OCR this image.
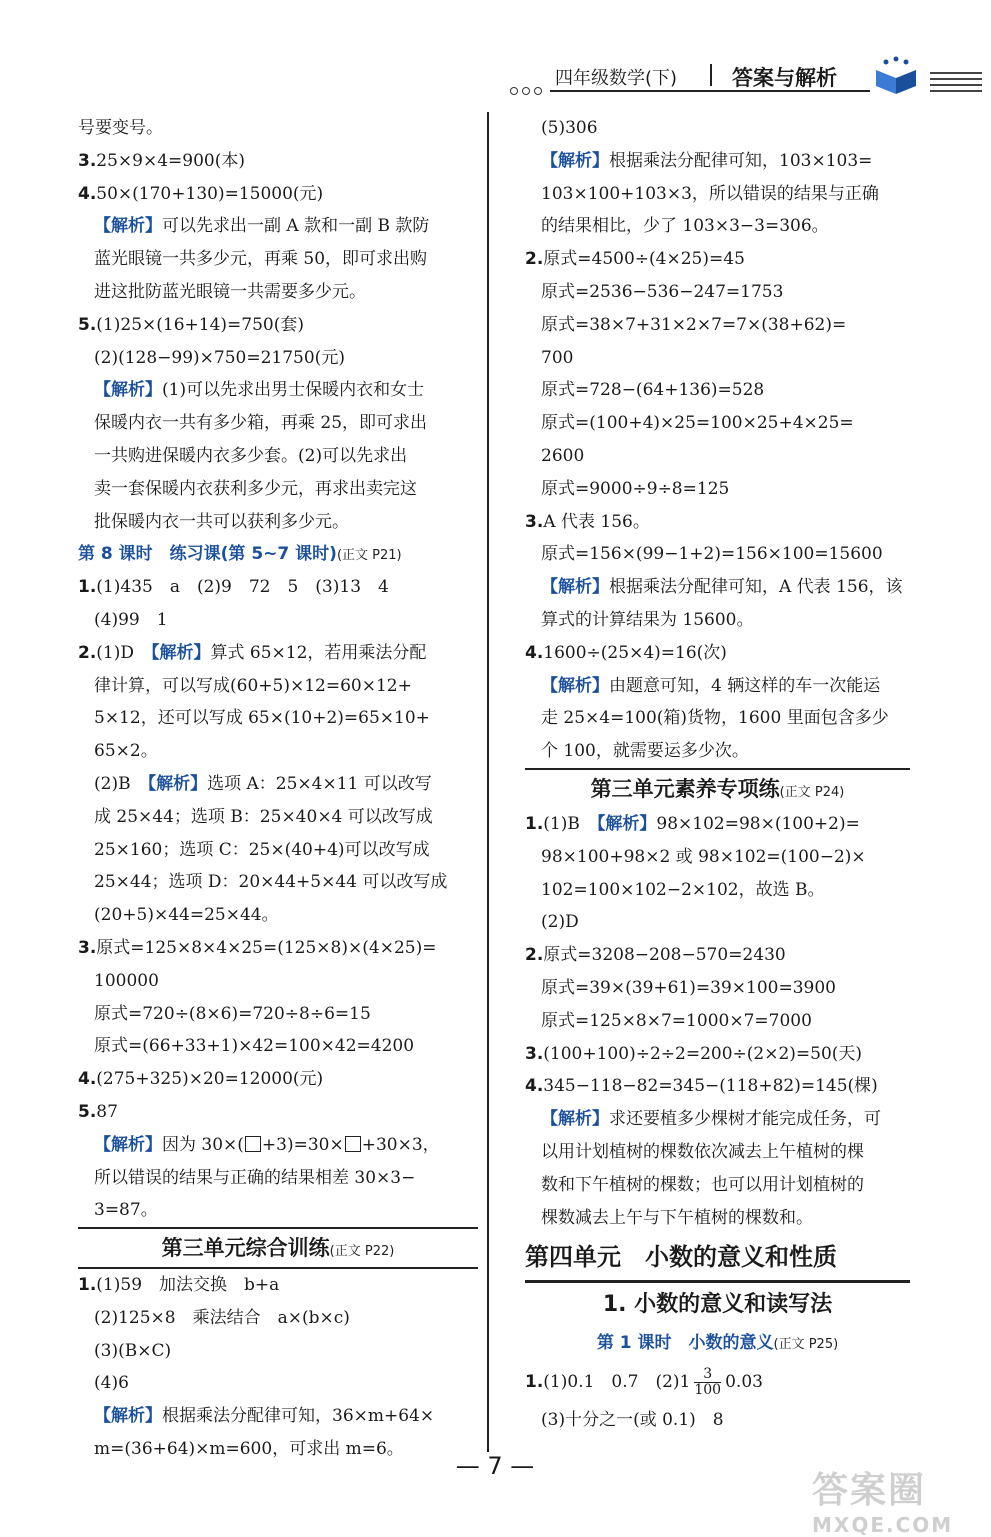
四年级数学(下)	答案与解析
号要变号。
3.25×9×4=900(本)
4.50×(170+130)=15000(元)
【解析】可以先求出一副 A 款和一副 B 款防
蓝光眼镜一共多少元，再乘 50，即可求出购
进这批防蓝光眼镜一共需要多少元。
5.(1)25×(16+14)=750(套)
(2)(128−99)×750=21750(元)
【解析】(1)可以先求出男士保暖内衣和女士
保暖内衣一共有多少箱，再乘 25，即可求出
一共购进保暖内衣多少套。(2)可以先求出
卖一套保暖内衣获利多少元，再求出卖完这
批保暖内衣一共可以获利多少元。
第 8 课时　练习课(第 5~7 课时)(正文 P21)
1.(1)435　a　(2)9　72　5　(3)13　4
(4)99　1
2.(1)D　 【解析】算式 65×12，若用乘法分配
律计算，可以写成(60+5)×12=60×12+
5×12，还可以写成 65×(10+2)=65×10+
65×2。
(2)B　 【解析】选项 A：25×4×11 可以改写
成 25×44；选项 B：25×40×4 可以改写成
25×160；选项 C：25×(40+4)可以改写成
25×44；选项 D：20×44+5×44 可以改写成
(20+5)×44=25×44。
3.原式=125×8×4×25=(125×8)×(4×25)=
100000
原式=720÷(8×6)=720÷8÷6=15
原式=(66+33+1)×42=100×42=4200
4.(275+325)×20=12000(元)
5.87
【解析】因为 30×( +3)=30× +30×3，
所以错误的结果与正确的结果相差 30×3−
3=87。
第三单元综合训练(正文 P22)
1.(1)59　加法交换　b+a
(2)125×8　乘法结合　a×(b×c)
(3)(B×C)
(4)6
【解析】根据乘法分配律可知，36×m+64×
m=(36+64)×m=600，可求出 m=6。
(5)306
【解析】根据乘法分配律可知，103×103=
103×100+103×3，所以错误的结果与正确
的结果相比，少了 103×3−3=306。
2.原式=4500÷(4×25)=45
原式=2536−536−247=1753
原式=38×7+31×2×7=7×(38+62)=
700
原式=728−(64+136)=528
原式=(100+4)×25=100×25+4×25=
2600
原式=9000÷9÷8=125
3.A 代表 156。
原式=156×(99−1+2)=156×100=15600
【解析】根据乘法分配律可知，A 代表 156，该
算式的计算结果为 15600。
4.1600÷(25×4)=16(次)
【解析】由题意可知，4 辆这样的车一次能运
走 25×4=100(箱)货物，1600 里面包含多少
个 100，就需要运多少次。
第三单元素养专项练(正文 P24)
1.(1)B　 【解析】98×102=98×(100+2)=
98×100+98×2 或 98×102=(100−2)×
102=100×102−2×102，故选 B。
(2)D
2.原式=3208−208−570=2430
原式=39×(39+61)=39×100=3900
原式=125×8×7=1000×7=7000
3.(100+100)÷2÷2=200÷(2×2)=50(天)
4.345−118−82=345−(118+82)=145(棵)
【解析】求还要植多少棵树才能完成任务，可
以用计划植树的棵数依次减去上午植树的棵
数和下午植树的棵数；也可以用计划植树的
棵数减去上午与下午植树的棵数和。
第四单元　小数的意义和性质
1. 小数的意义和读写法
第 1 课时　小数的意义(正文 P25)
1.(1)0.1　0.7　$(2)1 \frac{3}{100} 0.03$
(3)十分之一(或 0.1)　8
— 7 —
答案圈
MXQE.COM
